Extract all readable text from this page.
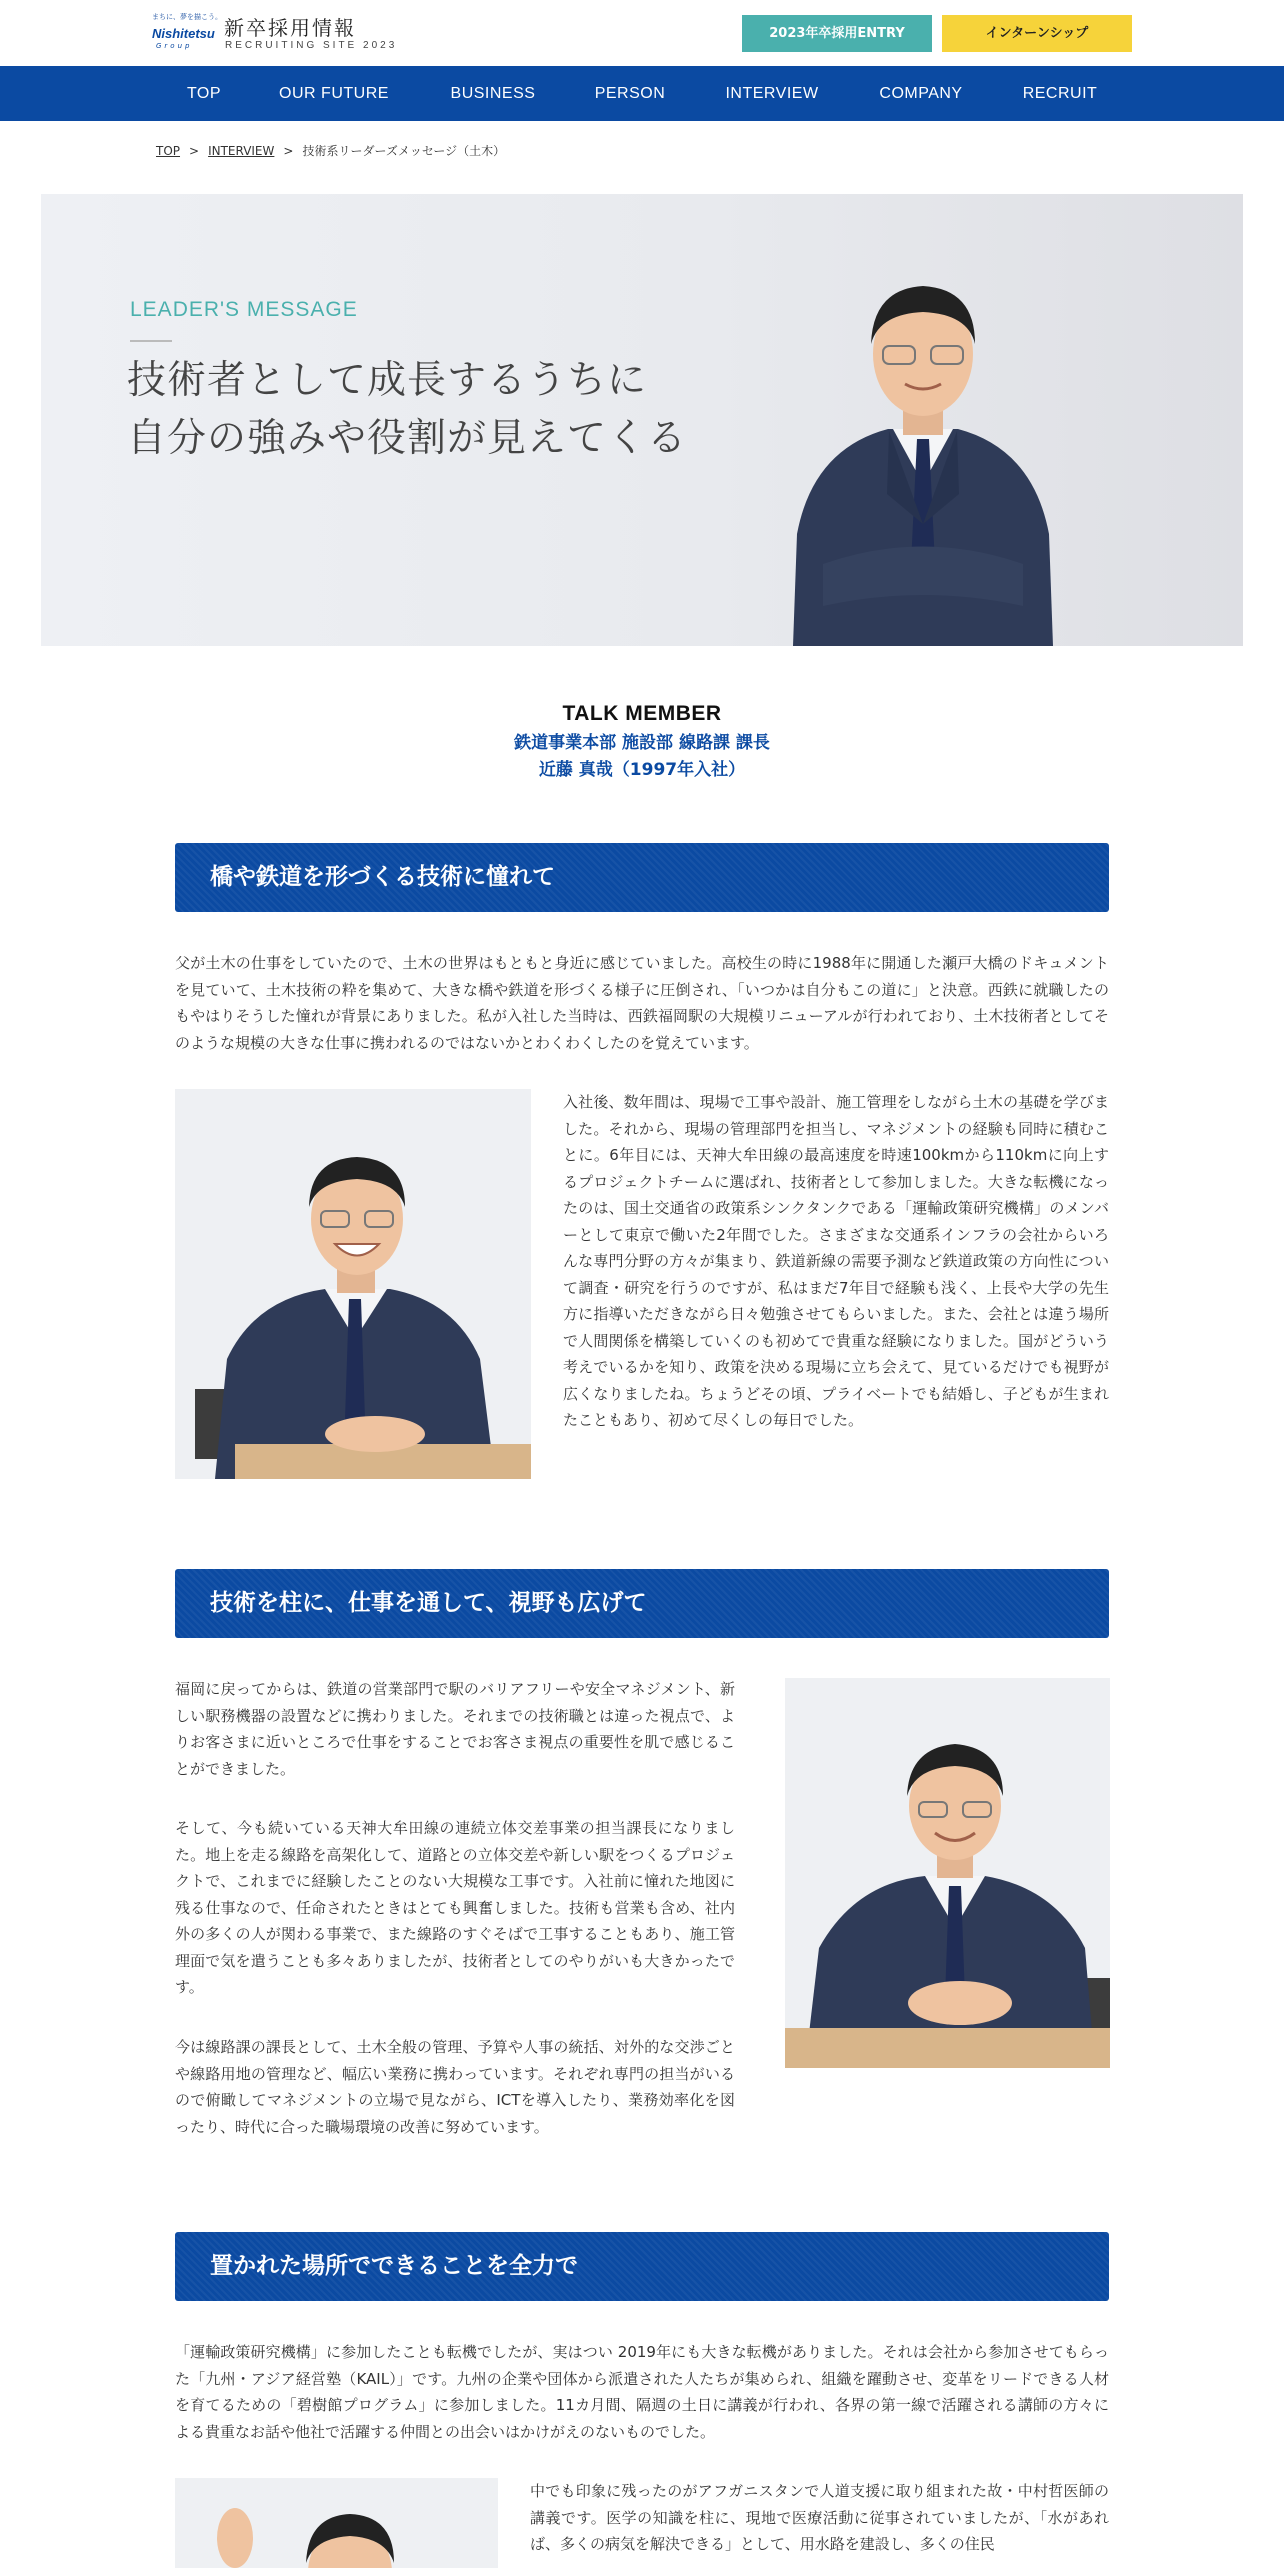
まちに、夢を描こう。
Nishitetsu
Group
新卒採用情報
RECRUITING SITE 2023
2023年卒採用ENTRY	インターンシップ
TOP	OUR FUTURE	BUSINESS	PERSON	INTERVIEW	COMPANY	RECRUIT
TOP > INTERVIEW > 技術系リーダーズメッセージ（土木）
LEADER'S MESSAGE
技術者として成長するうちに
自分の強みや役割が見えてくる
TALK MEMBER
鉄道事業本部 施設部 線路課 課長
近藤 真哉（1997年入社）
橋や鉄道を形づくる技術に憧れて

父が土木の仕事をしていたので、土木の世界はもともと身近に感じていました。高校生の時に1988年に開通した瀬戸大橋のドキュメントを見ていて、土木技術の粋を集めて、大きな橋や鉄道を形づくる様子に圧倒され、「いつかは自分もこの道に」と決意。西鉄に就職したのもやはりそうした憧れが背景にありました。私が入社した当時は、西鉄福岡駅の大規模リニューアルが行われており、土木技術者としてそのような規模の大きな仕事に携われるのではないかとわくわくしたのを覚えています。

入社後、数年間は、現場で工事や設計、施工管理をしながら土木の基礎を学びました。それから、現場の管理部門を担当し、マネジメントの経験も同時に積むことに。6年目には、天神大牟田線の最高速度を時速100kmから110kmに向上するプロジェクトチームに選ばれ、技術者として参加しました。大きな転機になったのは、国土交通省の政策系シンクタンクである「運輸政策研究機構」のメンバーとして東京で働いた2年間でした。さまざまな交通系インフラの会社からいろんな専門分野の方々が集まり、鉄道新線の需要予測など鉄道政策の方向性について調査・研究を行うのですが、私はまだ7年目で経験も浅く、上長や大学の先生方に指導いただきながら日々勉強させてもらいました。また、会社とは違う場所で人間関係を構築していくのも初めてで貴重な経験になりました。国がどういう考えでいるかを知り、政策を決める現場に立ち会えて、見ているだけでも視野が広くなりましたね。ちょうどその頃、プライベートでも結婚し、子どもが生まれたこともあり、初めて尽くしの毎日でした。

技術を柱に、仕事を通して、視野も広げて

福岡に戻ってからは、鉄道の営業部門で駅のバリアフリーや安全マネジメント、新しい駅務機器の設置などに携わりました。それまでの技術職とは違った視点で、よりお客さまに近いところで仕事をすることでお客さま視点の重要性を肌で感じることができました。

そして、今も続いている天神大牟田線の連続立体交差事業の担当課長になりました。地上を走る線路を高架化して、道路との立体交差や新しい駅をつくるプロジェクトで、これまでに経験したことのない大規模な工事です。入社前に憧れた地図に残る仕事なので、任命されたときはとても興奮しました。技術も営業も含め、社内外の多くの人が関わる事業で、また線路のすぐそばで工事することもあり、施工管理面で気を遣うことも多々ありましたが、技術者としてのやりがいも大きかったです。

今は線路課の課長として、土木全般の管理、予算や人事の統括、対外的な交渉ごとや線路用地の管理など、幅広い業務に携わっています。それぞれ専門の担当がいるので俯瞰してマネジメントの立場で見ながら、ICTを導入したり、業務効率化を図ったり、時代に合った職場環境の改善に努めています。

置かれた場所でできることを全力で

「運輸政策研究機構」に参加したことも転機でしたが、実はつい 2019年にも大きな転機がありました。それは会社から参加させてもらった「九州・アジア経営塾（KAIL）」です。九州の企業や団体から派遣された人たちが集められ、組織を躍動させ、変革をリードできる人材を育てるための「碧樹館プログラム」に参加しました。11カ月間、隔週の土日に講義が行われ、各界の第一線で活躍される講師の方々による貴重なお話や他社で活躍する仲間との出会いはかけがえのないものでした。

中でも印象に残ったのがアフガニスタンで人道支援に取り組まれた故・中村哲医師の講義です。医学の知識を柱に、現地で医療活動に従事されていましたが、「水があれば、多くの病気を解決できる」として、用水路を建設し、多くの住民
